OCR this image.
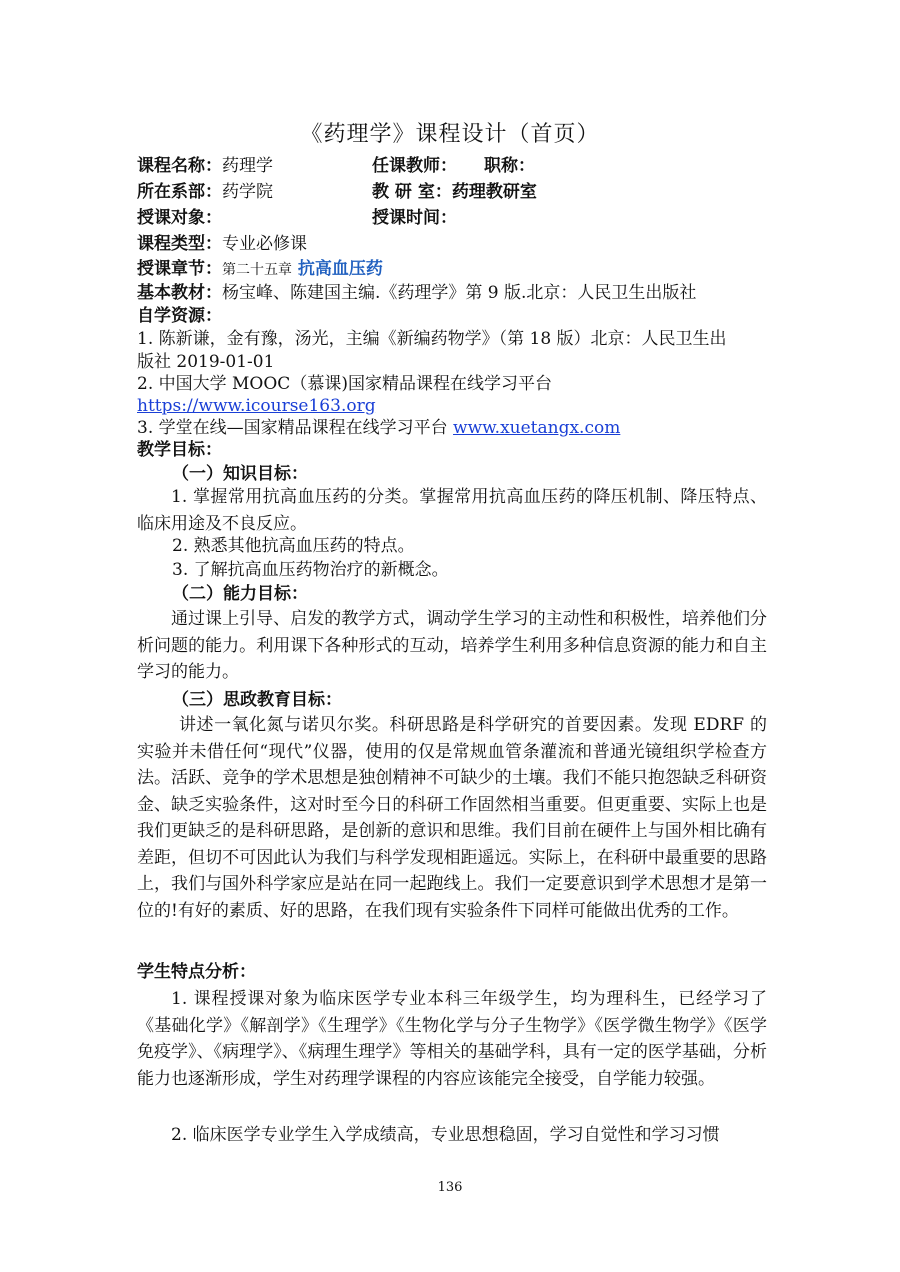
《药理学》课程设计（首页）
课程名称：药理学	任课教师： 职称：
所在系部：药学院	教 研 室：药理教研室
授课对象：	授课时间：
课程类型：专业必修课
授课章节：第二十五章 抗高血压药
基本教材：杨宝峰、陈建国主编.《药理学》第 9 版.北京：人民卫生出版社
自学资源：
1. 陈新谦，金有豫，汤光，主编《新编药物学》（第 18 版）北京：人民卫生出
版社 2019-01-01
2. 中国大学 MOOC（慕课)国家精品课程在线学习平台
https://www.icourse163.org
3. 学堂在线—国家精品课程在线学习平台 www.xuetangx.com
教学目标：
（一）知识目标：
1. 掌握常用抗高血压药的分类。掌握常用抗高血压药的降压机制、降压特点、临床用途及不良反应。
2. 熟悉其他抗高血压药的特点。
3. 了解抗高血压药物治疗的新概念。
（二）能力目标：
通过课上引导、启发的教学方式，调动学生学习的主动性和积极性，培养他们分析问题的能力。利用课下各种形式的互动，培养学生利用多种信息资源的能力和自主学习的能力。
（三）思政教育目标：
讲述一氧化氮与诺贝尔奖。科研思路是科学研究的首要因素。发现 EDRF 的实验并未借任何“现代”仪器，使用的仅是常规血管条灌流和普通光镜组织学检查方法。活跃、竞争的学术思想是独创精神不可缺少的土壤。我们不能只抱怨缺乏科研资金、缺乏实验条件，这对时至今日的科研工作固然相当重要。但更重要、实际上也是我们更缺乏的是科研思路，是创新的意识和思维。我们目前在硬件上与国外相比确有差距，但切不可因此认为我们与科学发现相距遥远。实际上，在科研中最重要的思路上，我们与国外科学家应是站在同一起跑线上。我们一定要意识到学术思想才是第一位的!有好的素质、好的思路，在我们现有实验条件下同样可能做出优秀的工作。
学生特点分析：
1. 课程授课对象为临床医学专业本科三年级学生，均为理科生，已经学习了《基础化学》《解剖学》《生理学》《生物化学与分子生物学》《医学微生物学》《医学免疫学》、《病理学》、《病理生理学》等相关的基础学科，具有一定的医学基础，分析能力也逐渐形成，学生对药理学课程的内容应该能完全接受，自学能力较强。
2. 临床医学专业学生入学成绩高，专业思想稳固，学习自觉性和学习习惯
136
